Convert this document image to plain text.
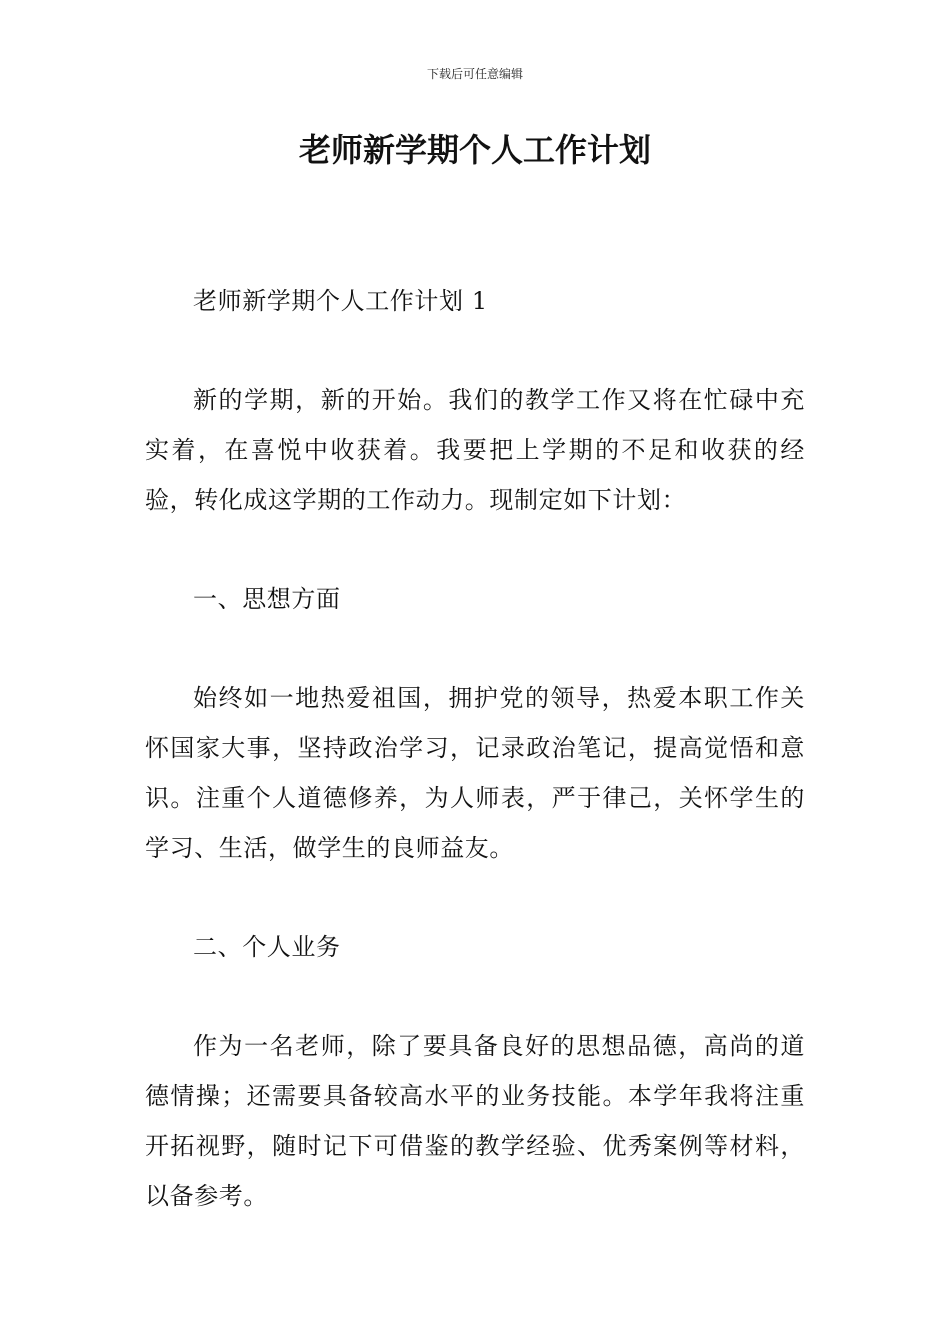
下载后可任意编辑
老师新学期个人工作计划

老师新学期个人工作计划 1

新的学期，新的开始。我们的教学工作又将在忙碌中充实着，在喜悦中收获着。我要把上学期的不足和收获的经验，转化成这学期的工作动力。现制定如下计划：

一、思想方面

始终如一地热爱祖国，拥护党的领导，热爱本职工作关怀国家大事，坚持政治学习，记录政治笔记，提高觉悟和意识。注重个人道德修养，为人师表，严于律己，关怀学生的学习、生活，做学生的良师益友。

二、个人业务

作为一名老师，除了要具备良好的思想品德，高尚的道德情操；还需要具备较高水平的业务技能。本学年我将注重开拓视野，随时记下可借鉴的教学经验、优秀案例等材料，以备参考。
